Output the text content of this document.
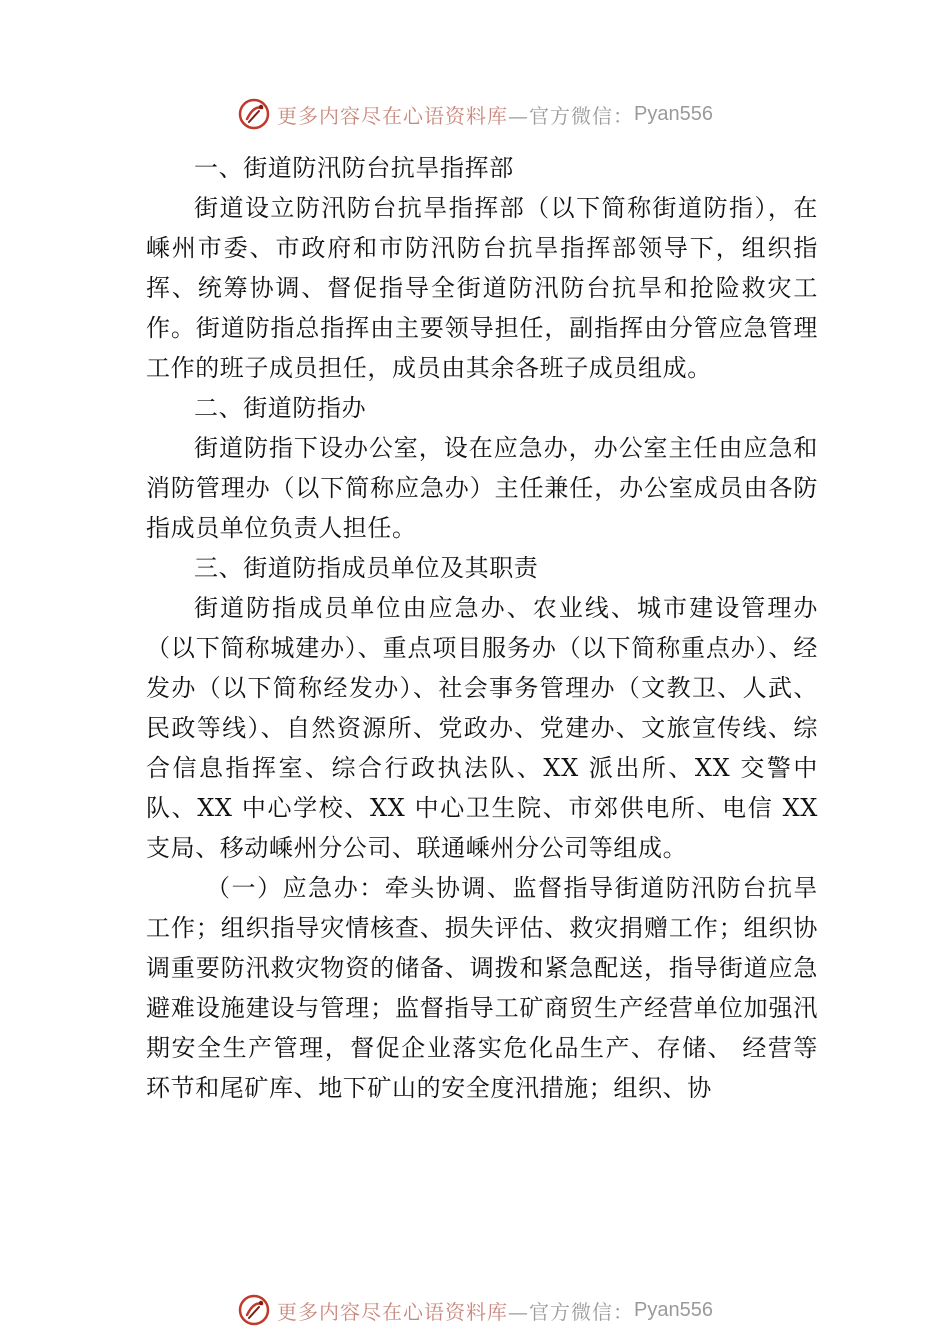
更多内容尽在心语资料库 —官方微信： Pyan556

一、街道防汛防台抗旱指挥部

街道设立防汛防台抗旱指挥部（以下简称街道防指），在嵊州市委、市政府和市防汛防台抗旱指挥部领导下，组织指挥、统筹协调、督促指导全街道防汛防台抗旱和抢险救灾工作。街道防指总指挥由主要领导担任，副指挥由分管应急管理工作的班子成员担任，成员由其余各班子成员组成。

二、街道防指办

街道防指下设办公室，设在应急办，办公室主任由应急和消防管理办（以下简称应急办）主任兼任，办公室成员由各防指成员单位负责人担任。

三、街道防指成员单位及其职责

街道防指成员单位由应急办、农业线、城市建设管理办（以下简称城建办）、重点项目服务办（以下简称重点办）、经发办（以下简称经发办）、社会事务管理办（文教卫、人武、民政等线）、自然资源所、党政办、党建办、文旅宣传线、综合信息指挥室、综合行政执法队、XX 派出所、XX 交警中队、XX 中心学校、XX 中心卫生院、市郊供电所、电信 XX 支局、移动嵊州分公司、联通嵊州分公司等组成。

（一）应急办：牵头协调、监督指导街道防汛防台抗旱工作；组织指导灾情核查、损失评估、救灾捐赠工作；组织协调重要防汛救灾物资的储备、调拨和紧急配送，指导街道应急避难设施建设与管理；监督指导工矿商贸生产经营单位加强汛期安全生产管理，督促企业落实危化品生产、存储、 经营等环节和尾矿库、地下矿山的安全度汛措施；组织、协

更多内容尽在心语资料库 —官方微信： Pyan556
